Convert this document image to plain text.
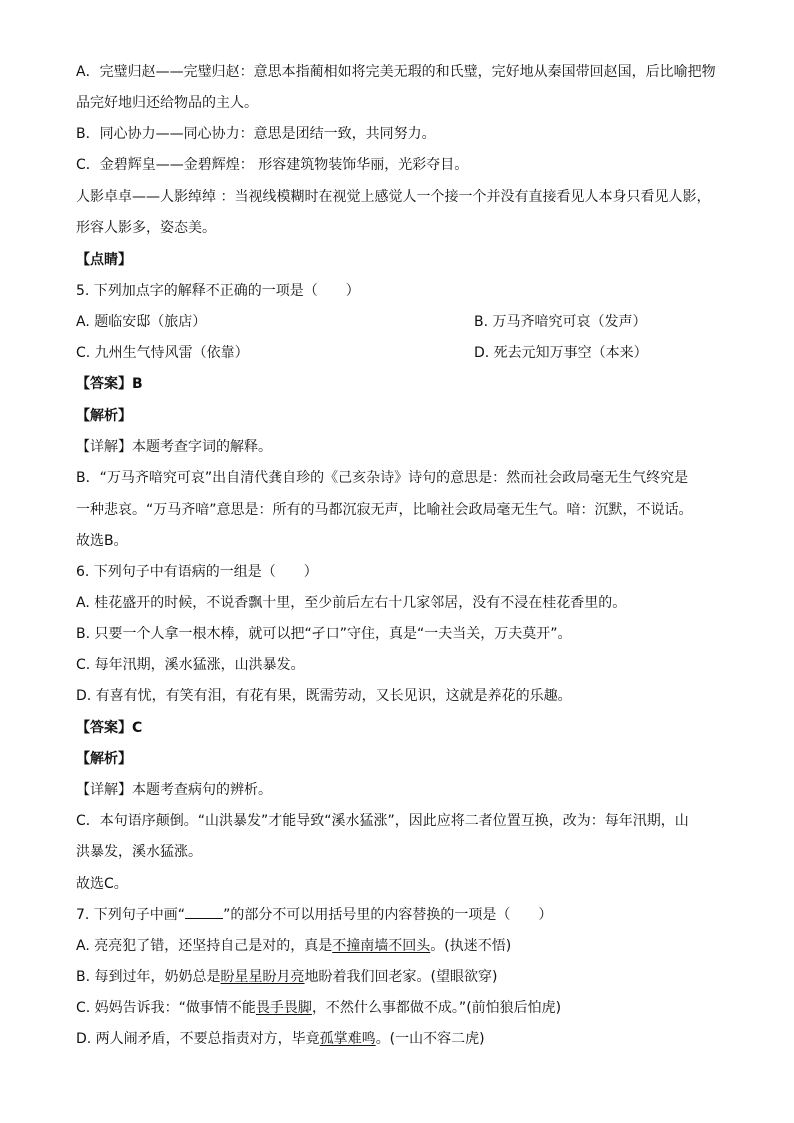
A．完璧归赵——完璧归赵：意思本指蔺相如将完美无瑕的和氏璧，完好地从秦国带回赵国，后比喻把物
品完好地归还给物品的主人。
B．同心协力——同心协力：意思是团结一致，共同努力。
C．金碧辉皇——金碧辉煌： 形容建筑物装饰华丽，光彩夺目。
人影卓卓——人影绰绰 ：当视线模糊时在视觉上感觉人一个接一个并没有直接看见人本身只看见人影，
形容人影多，姿态美。
【点睛】
5. 下列加点字的解释不正确的一项是（　　）
A. 题临安邸（旅店）	B. 万马齐喑究可哀（发声）
C. 九州生气恃风雷（依靠）	D. 死去元知万事空（本来）
【答案】B
【解析】
【详解】本题考查字词的解释。
B．“万马齐喑究可哀”出自清代龚自珍的《己亥杂诗》诗句的意思是：然而社会政局毫无生气终究是
一种悲哀。“万马齐喑”意思是：所有的马都沉寂无声，比喻社会政局毫无生气。喑：沉默，不说话。
故选B。
6. 下列句子中有语病的一组是（　　）
A. 桂花盛开的时候，不说香飘十里，至少前后左右十几家邻居，没有不浸在桂花香里的。
B. 只要一个人拿一根木棒，就可以把“孑口”守住，真是“一夫当关，万夫莫开”。
C. 每年汛期，溪水猛涨，山洪暴发。
D. 有喜有忧，有笑有泪，有花有果，既需劳动，又长见识，这就是养花的乐趣。
【答案】C
【解析】
【详解】本题考查病句的辨析。
C．本句语序颠倒。“山洪暴发”才能导致“溪水猛涨”，因此应将二者位置互换，改为：每年汛期，山
洪暴发，溪水猛涨。
故选C。
7. 下列句子中画“	”的部分不可以用括号里的内容替换的一项是（　　）
A. 亮亮犯了错，还坚持自己是对的，真是不撞南墙不回头。(执迷不悟)
B. 每到过年，奶奶总是盼星星盼月亮地盼着我们回老家。(望眼欲穿)
C. 妈妈告诉我：“做事情不能畏手畏脚，不然什么事都做不成。”(前怕狼后怕虎)
D. 两人闹矛盾，不要总指责对方，毕竟孤掌难鸣。(一山不容二虎)
